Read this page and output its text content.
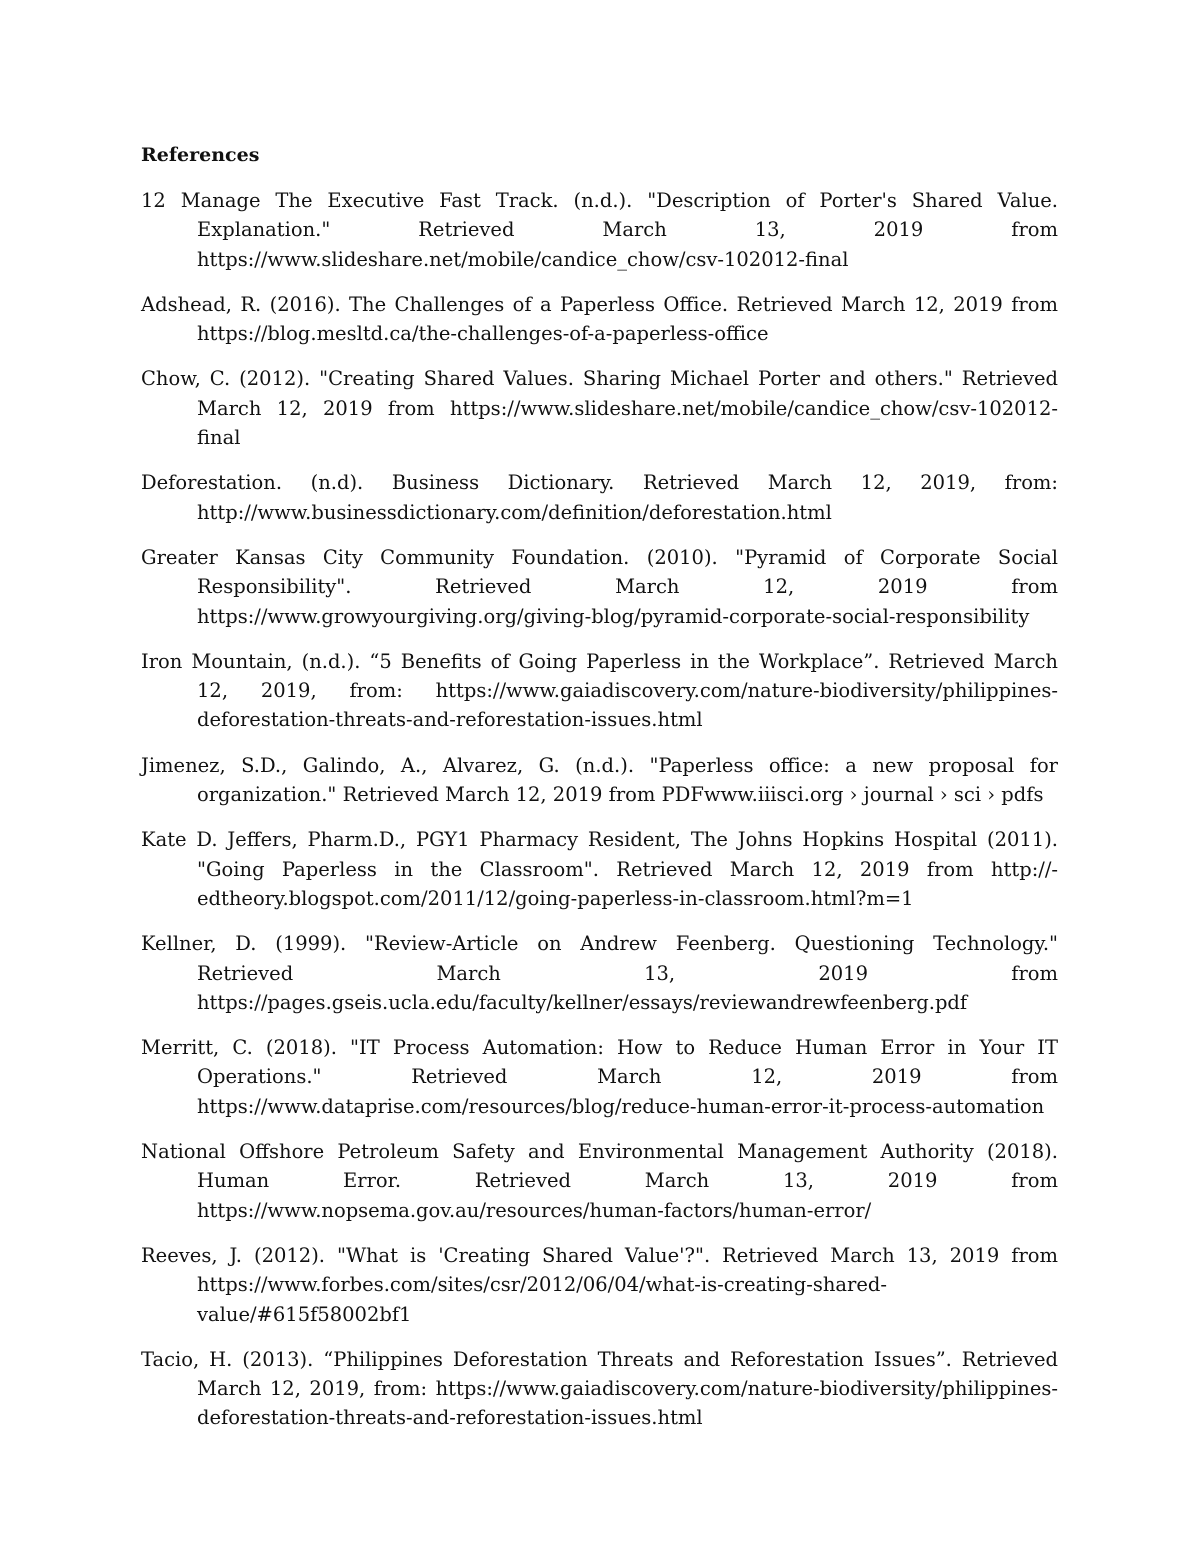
References

12 Manage The Executive Fast Track. (n.d.). "Description of Porter's Shared Value. Explanation." Retrieved March 13, 2019 from https://www.slideshare.net/mobile/candice_chow/csv-102012-final

Adshead, R. (2016). The Challenges of a Paperless Office. Retrieved March 12, 2019 from https://blog.mesltd.ca/the-challenges-of-a-paperless-office

Chow, C. (2012). "Creating Shared Values. Sharing Michael Porter and others." Retrieved March 12, 2019 from https://www.slideshare.net/mobile/candice_chow/csv-102012-final

Deforestation. (n.d). Business Dictionary. Retrieved March 12, 2019, from: http://www.businessdictionary.com/definition/deforestation.html

Greater Kansas City Community Foundation. (2010). "Pyramid of Corporate Social Responsibility". Retrieved March 12, 2019 from https://www.growyourgiving.org/giving-blog/pyramid-corporate-social-responsibility

Iron Mountain, (n.d.). “5 Benefits of Going Paperless in the Workplace”. Retrieved March 12, 2019, from: https://www.gaiadiscovery.com/nature-biodiversity/philippines-deforestation-threats-and-reforestation-issues.html

Jimenez, S.D., Galindo, A., Alvarez, G. (n.d.). "Paperless office: a new proposal for organization." Retrieved March 12, 2019 from PDFwww.iiisci.org › journal › sci › pdfs

Kate D. Jeffers, Pharm.D., PGY1 Pharmacy Resident, The Johns Hopkins Hospital (2011). "Going Paperless in the Classroom". Retrieved March 12, 2019 from http://-edtheory.blogspot.com/2011/12/going-paperless-in-classroom.html?m=1

Kellner, D. (1999). "Review-Article on Andrew Feenberg. Questioning Technology." Retrieved March 13, 2019 from https://pages.gseis.ucla.edu/faculty/kellner/essays/reviewandrewfeenberg.pdf

Merritt, C. (2018). "IT Process Automation: How to Reduce Human Error in Your IT Operations." Retrieved March 12, 2019 from https://www.dataprise.com/resources/blog/reduce-human-error-it-process-automation

National Offshore Petroleum Safety and Environmental Management Authority (2018). Human Error. Retrieved March 13, 2019 from https://www.nopsema.gov.au/resources/human-factors/human-error/

Reeves, J. (2012). "What is 'Creating Shared Value'?". Retrieved March 13, 2019 from https://www.forbes.com/sites/csr/2012/06/04/what-is-creating-shared-value/#615f58002bf1

Tacio, H. (2013). “Philippines Deforestation Threats and Reforestation Issues”. Retrieved March 12, 2019, from: https://www.gaiadiscovery.com/nature-biodiversity/philippines-deforestation-threats-and-reforestation-issues.html
